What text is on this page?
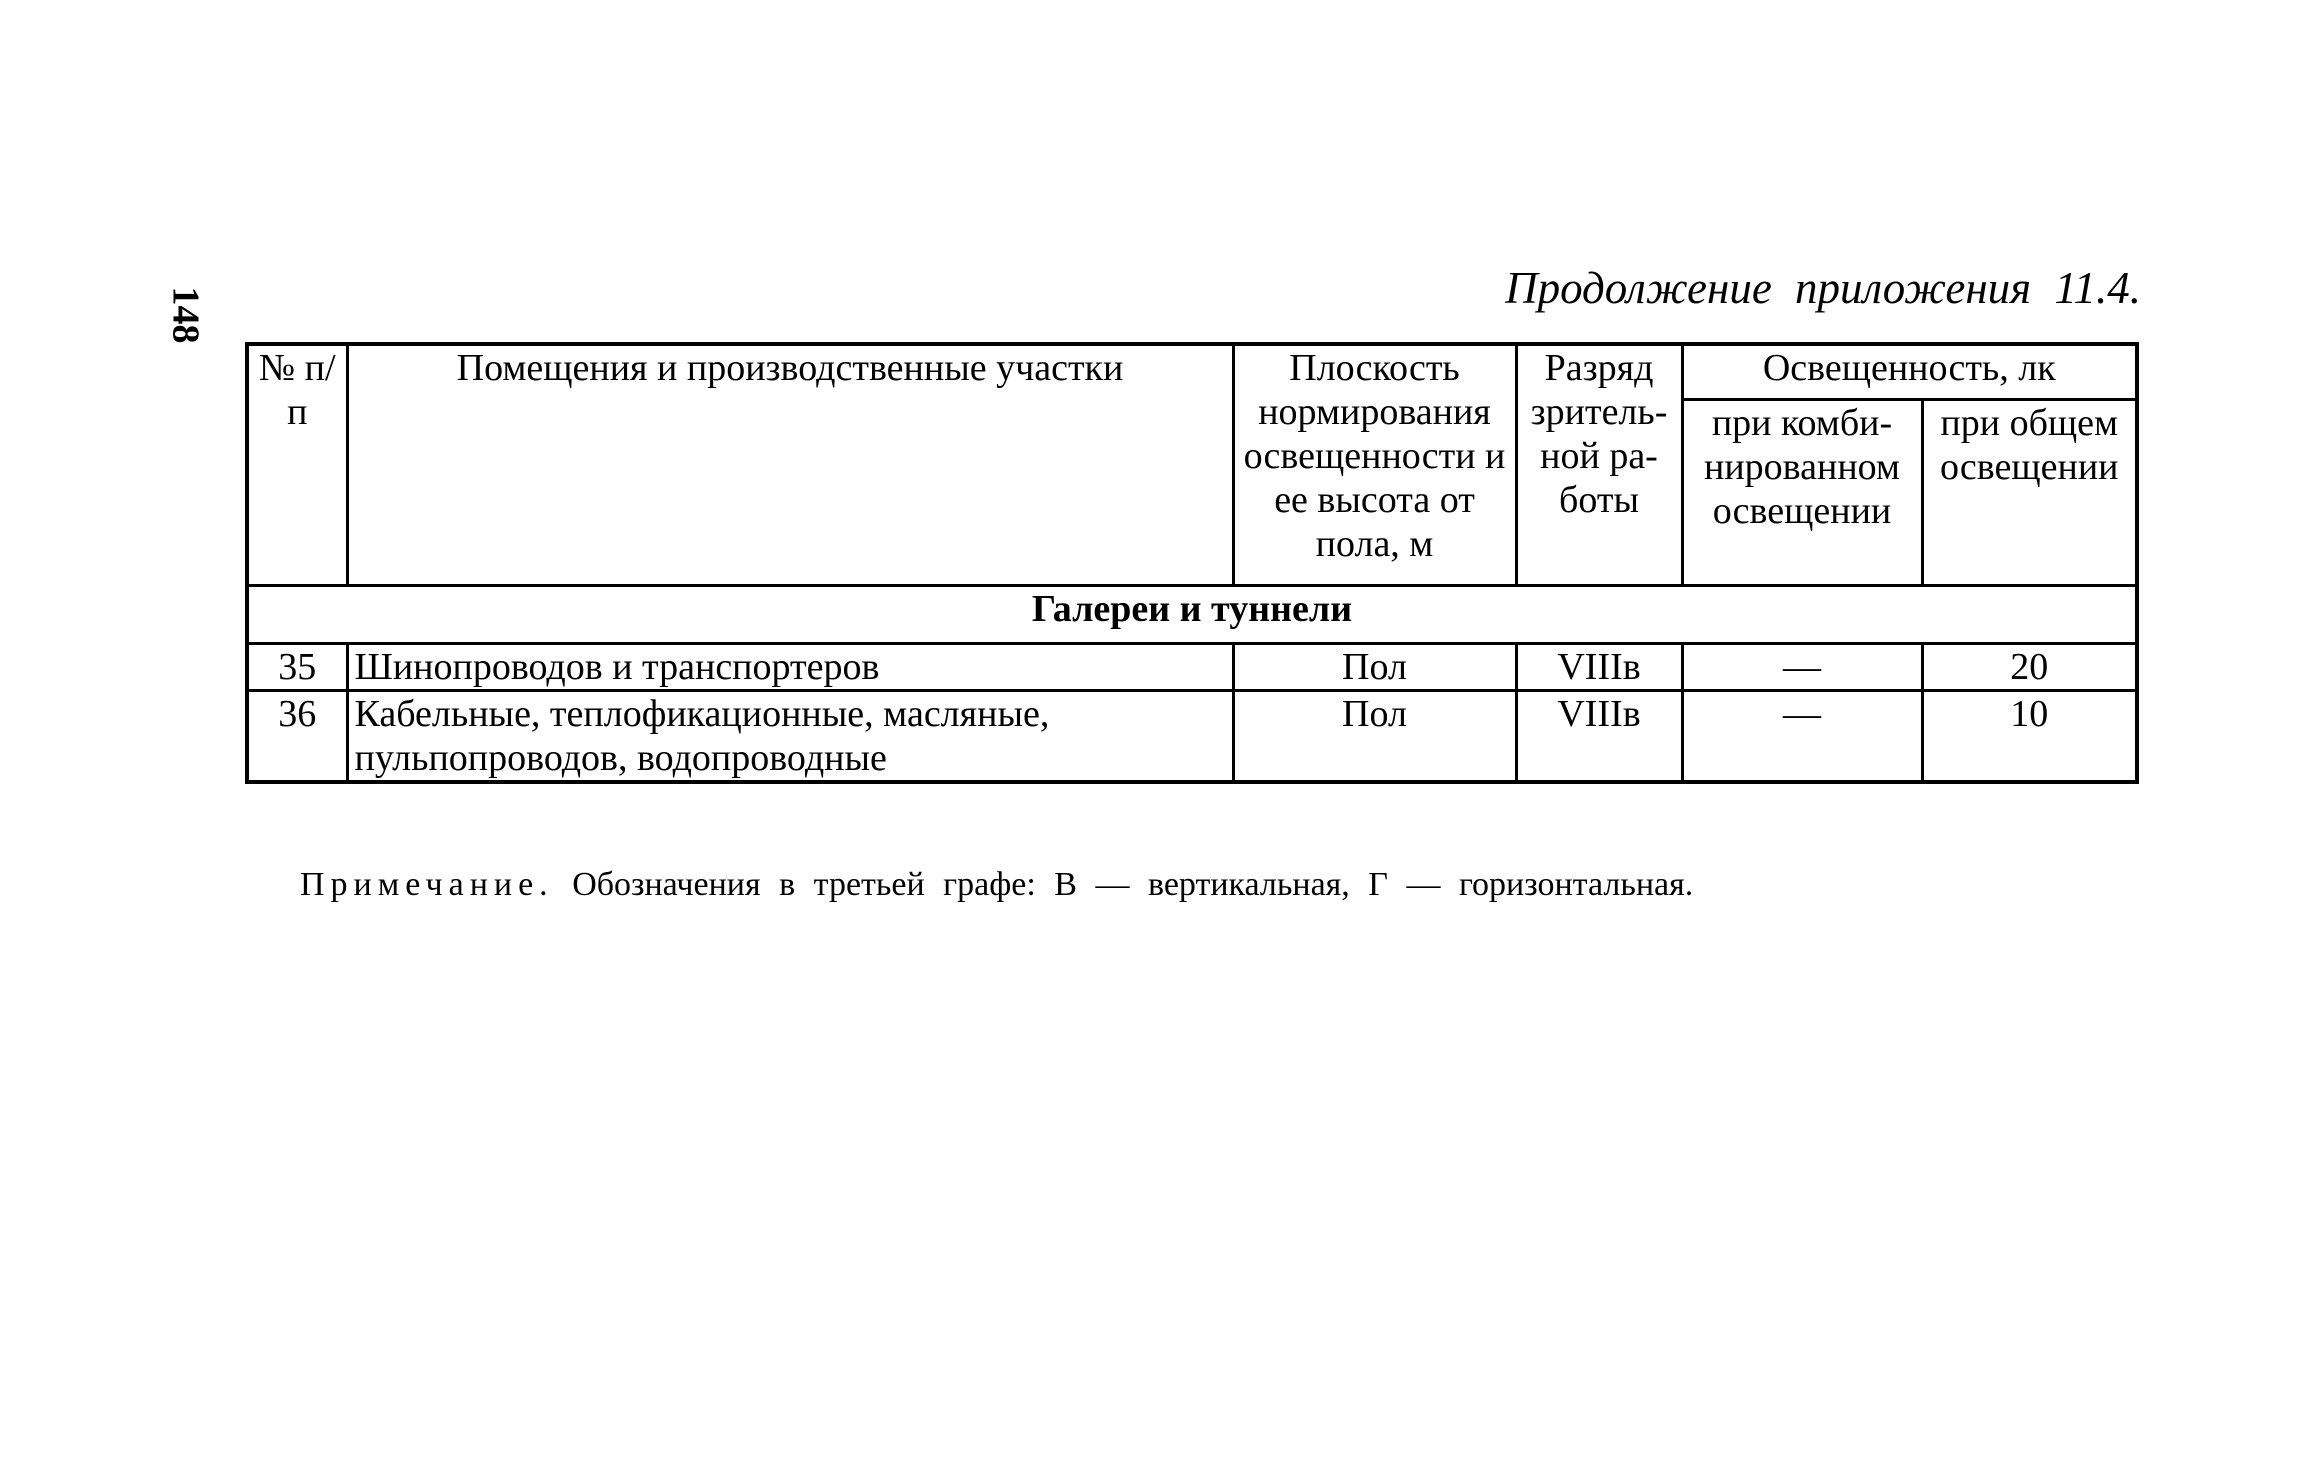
148	Продолжение приложения 11.4.
№ п/п	Помещения и производственные участки	Плоскость нормирования освещенности и ее высота от пола, м	Разряд зритель-ной ра-боты	Освещенность, лк	
				при комби-нированном освещении	при общем освещении
Галереи и туннели					
35	Шинопроводов и транспортеров	Пол	VIIIв	—	20
36	Кабельные, теплофикационные, масляные, пульпопроводов, водопроводные	Пол	VIIIв	—	10
Примечание. Обозначения в третьей графе: В — вертикальная, Г — горизонтальная.
